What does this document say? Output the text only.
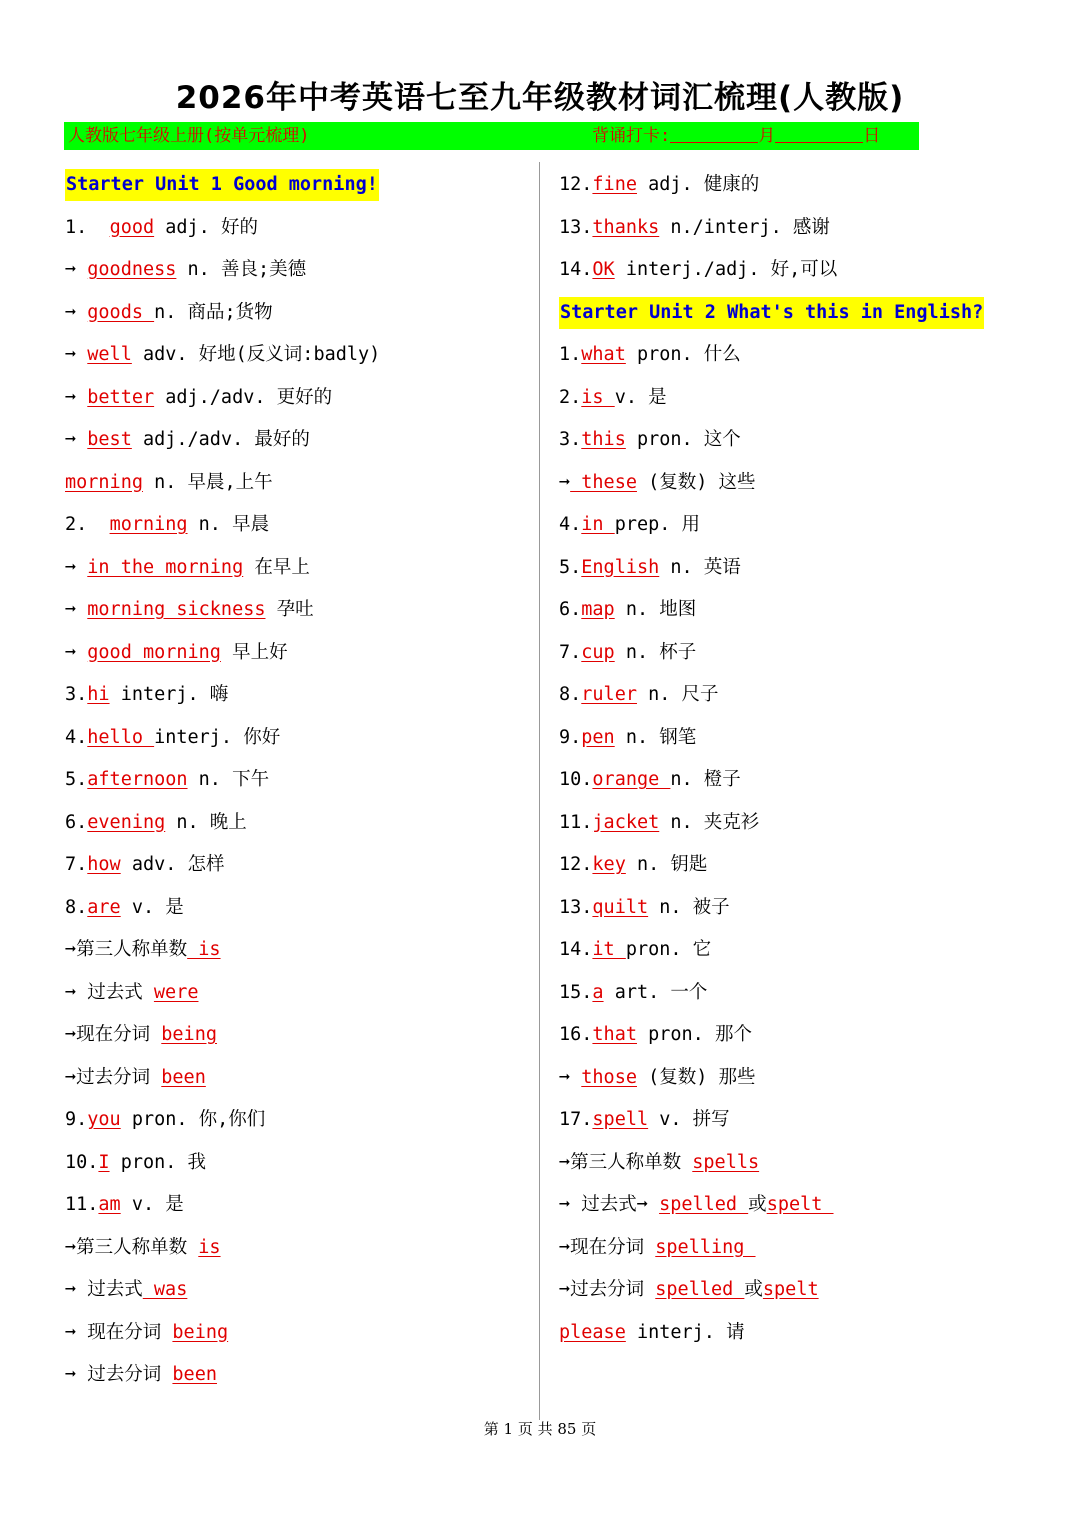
2026年中考英语七至九年级教材词汇梳理(人教版)
人教版七年级上册(按单元梳理)	背诵打卡:	月	日
Starter Unit 1 Good morning!
1.  good adj. 好的
➞ goodness n. 善良;美德
➞ goods n. 商品;货物
➞ well adv. 好地(反义词:badly)
➞ better adj./adv. 更好的
➞ best adj./adv. 最好的
morning n. 早晨,上午
2.  morning n. 早晨
➞ in the morning 在早上
➞ morning sickness 孕吐
➞ good morning 早上好
3.hi interj. 嗨
4.hello interj. 你好
5.afternoon n. 下午
6.evening n. 晚上
7.how adv. 怎样
8.are v. 是
➞第三人称单数 is
➞ 过去式 were
➞现在分词 being
➞过去分词 been
9.you pron. 你,你们
10.I pron. 我
11.am v. 是
➞第三人称单数 is
➞ 过去式 was
➞ 现在分词 being
➞ 过去分词 been
12.fine adj. 健康的
13.thanks n./interj. 感谢
14.OK interj./adj. 好,可以
Starter Unit 2 What's this in English?
1.what pron. 什么
2.is v. 是
3.this pron. 这个
➞ these (复数) 这些
4.in prep. 用
5.English n. 英语
6.map n. 地图
7.cup n. 杯子
8.ruler n. 尺子
9.pen n. 钢笔
10.orange n. 橙子
11.jacket n. 夹克衫
12.key n. 钥匙
13.quilt n. 被子
14.it pron. 它
15.a art. 一个
16.that pron. 那个
➞ those (复数) 那些
17.spell v. 拼写
➞第三人称单数 spells
➞ 过去式➞ spelled 或spelt
➞现在分词 spelling
➞过去分词 spelled 或spelt
please interj. 请
第 1 页 共 85 页
